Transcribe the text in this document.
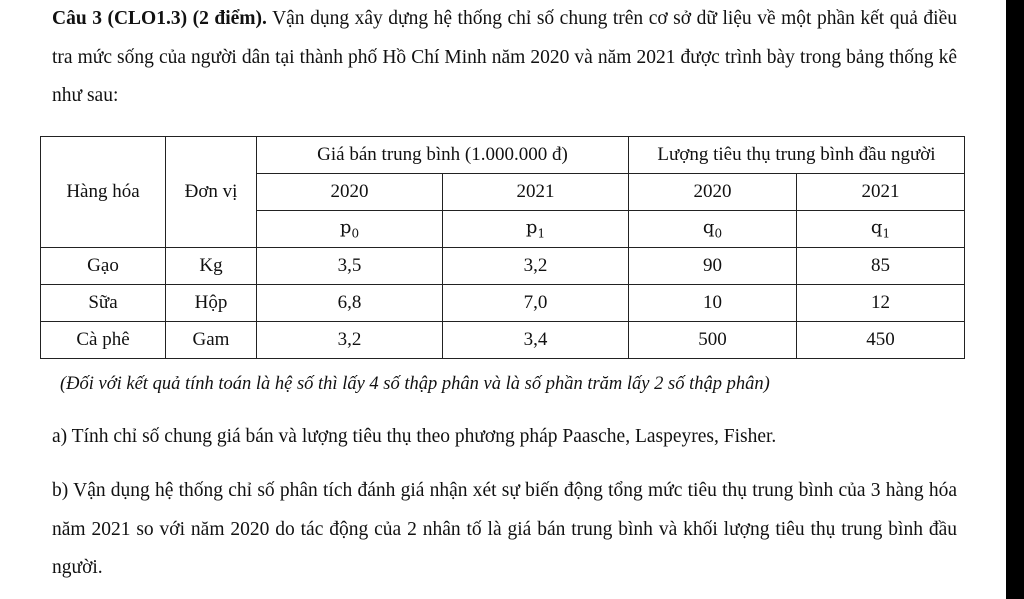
Câu 3 (CLO1.3) (2 điểm). Vận dụng xây dựng hệ thống chỉ số chung trên cơ sở dữ liệu về một phần kết quả điều tra mức sống của người dân tại thành phố Hồ Chí Minh năm 2020 và năm 2021 được trình bày trong bảng thống kê như sau:

Hàng hóa	Đơn vị	Giá bán trung bình (1.000.000 đ)		Lượng tiêu thụ trung bình đầu người	
		2020	2021	2020	2021
		$p_0$	$p_1$	$q_0$	$q_1$
Gạo	Kg	3,5	3,2	90	85
Sữa	Hộp	6,8	7,0	10	12
Cà phê	Gam	3,2	3,4	500	450

(Đối với kết quả tính toán là hệ số thì lấy 4 số thập phân và là số phần trăm lấy 2 số thập phân)

a) Tính chỉ số chung giá bán và lượng tiêu thụ theo phương pháp Paasche, Laspeyres, Fisher.

b) Vận dụng hệ thống chỉ số phân tích đánh giá nhận xét sự biến động tổng mức tiêu thụ trung bình của 3 hàng hóa năm 2021 so với năm 2020 do tác động của 2 nhân tố là giá bán trung bình và khối lượng tiêu thụ trung bình đầu người.
